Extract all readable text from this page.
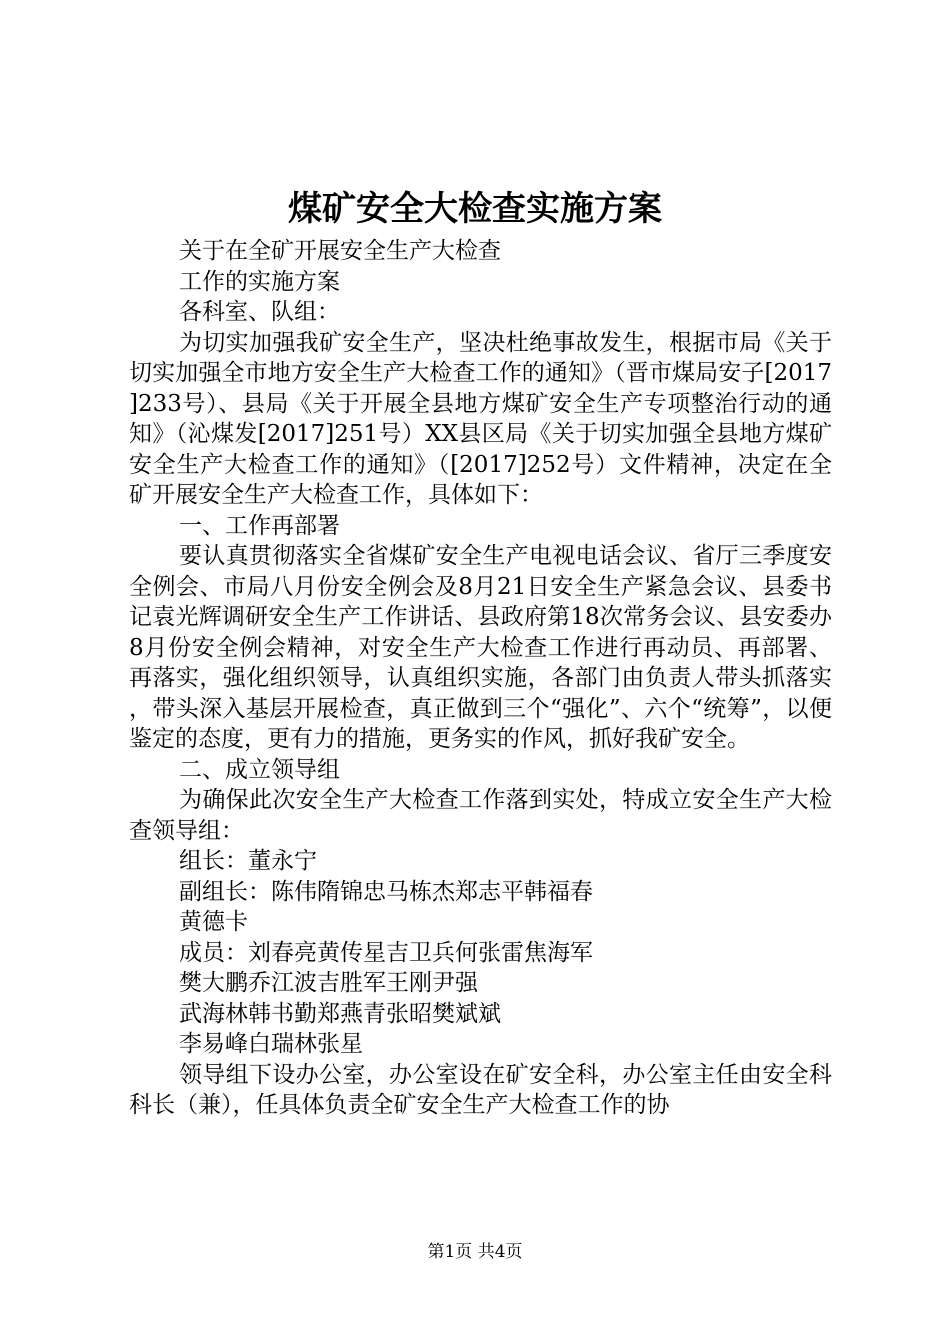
煤矿安全大检查实施方案

关于在全矿开展安全生产大检查

工作的实施方案

各科室、队组：

为切实加强我矿安全生产，坚决杜绝事故发生，根据市局《关于切实加强全市地方安全生产大检查工作的通知》（晋市煤局安子[2017]233号）、县局《关于开展全县地方煤矿安全生产专项整治行动的通知》（沁煤发[2017]251号）XX县区局《关于切实加强全县地方煤矿安全生产大检查工作的通知》（[2017]252号）文件精神，决定在全矿开展安全生产大检查工作，具体如下：

一、工作再部署

要认真贯彻落实全省煤矿安全生产电视电话会议、省厅三季度安全例会、市局八月份安全例会及8月21日安全生产紧急会议、县委书记袁光辉调研安全生产工作讲话、县政府第18次常务会议、县安委办8月份安全例会精神，对安全生产大检查工作进行再动员、再部署、再落实，强化组织领导，认真组织实施，各部门由负责人带头抓落实，带头深入基层开展检查，真正做到三个“强化”、六个“统筹”，以便鉴定的态度，更有力的措施，更务实的作风，抓好我矿安全。

二、成立领导组

为确保此次安全生产大检查工作落到实处，特成立安全生产大检查领导组：

组长：董永宁

副组长：陈伟隋锦忠马栋杰郑志平韩福春

黄德卡

成员：刘春亮黄传星吉卫兵何张雷焦海军

樊大鹏乔江波吉胜军王刚尹强

武海林韩书勤郑燕青张昭樊斌斌

李易峰白瑞林张星

领导组下设办公室，办公室设在矿安全科，办公室主任由安全科科长（兼），任具体负责全矿安全生产大检查工作的协

第1页 共4页
